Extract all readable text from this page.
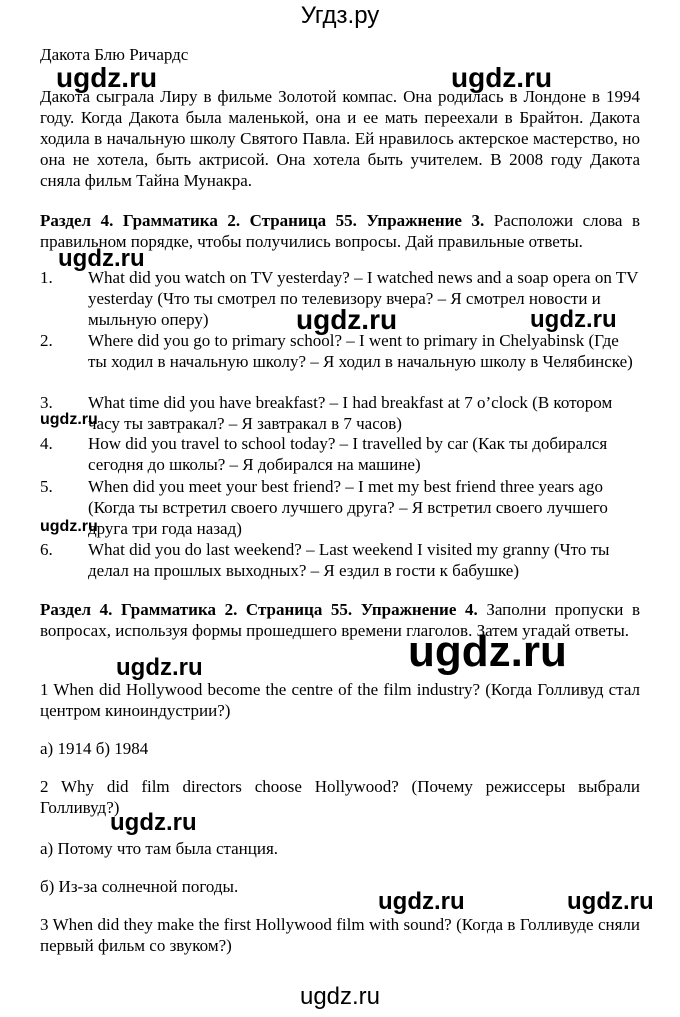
Угдз.ру
ugdz.ru	ugdz.ru
ugdz.ru
ugdz.ru	ugdz.ru
ugdz.ru
ugdz.ru
ugdz.ru
ugdz.ru
ugdz.ru
ugdz.ru	ugdz.ru
Дакота Блю Ричардс
Дакота сыграла Лиру в фильме Золотой компас. Она родилась в Лондоне в 1994 году. Когда Дакота была маленькой, она и ее мать переехали в Брайтон. Дакота ходила в начальную школу Святого Павла. Ей нравилось актерское мастерство, но она не хотела, быть актрисой. Она хотела быть учителем. В 2008 году Дакота сняла фильм Тайна Мунакра.
Раздел 4. Грамматика 2. Страница 55. Упражнение 3. Расположи слова в правильном порядке, чтобы получились вопросы. Дай правильные ответы.
1. What did you watch on TV yesterday? – I watched news and a soap opera on TV yesterday (Что ты смотрел по телевизору вчера? – Я смотрел новости и мыльную оперу)
2. Where did you go to primary school? – I went to primary in Chelyabinsk (Где ты ходил в начальную школу? – Я ходил в начальную школу в Челябинске)
3. What time did you have breakfast? – I had breakfast at 7 o’clock (В котором часу ты завтракал? – Я завтракал в 7 часов)
4. How did you travel to school today? – I travelled by car (Как ты добирался сегодня до школы? – Я добирался на машине)
5. When did you meet your best friend? – I met my best friend three years ago (Когда ты встретил своего лучшего друга? – Я встретил своего лучшего друга три года назад)
6. What did you do last weekend? – Last weekend I visited my granny (Что ты делал на прошлых выходных? – Я ездил в гости к бабушке)
Раздел 4. Грамматика 2. Страница 55. Упражнение 4. Заполни пропуски в вопросах, используя формы прошедшего времени глаголов. Затем угадай ответы.
1 When did Hollywood become the centre of the film industry? (Когда Голливуд стал центром киноиндустрии?)
а) 1914 б) 1984
2 Why did film directors choose Hollywood? (Почему режиссеры выбрали Голливуд?)
а) Потому что там была станция.
б) Из-за солнечной погоды.
3 When did they make the first Hollywood film with sound? (Когда в Голливуде сняли первый фильм со звуком?)
ugdz.ru
